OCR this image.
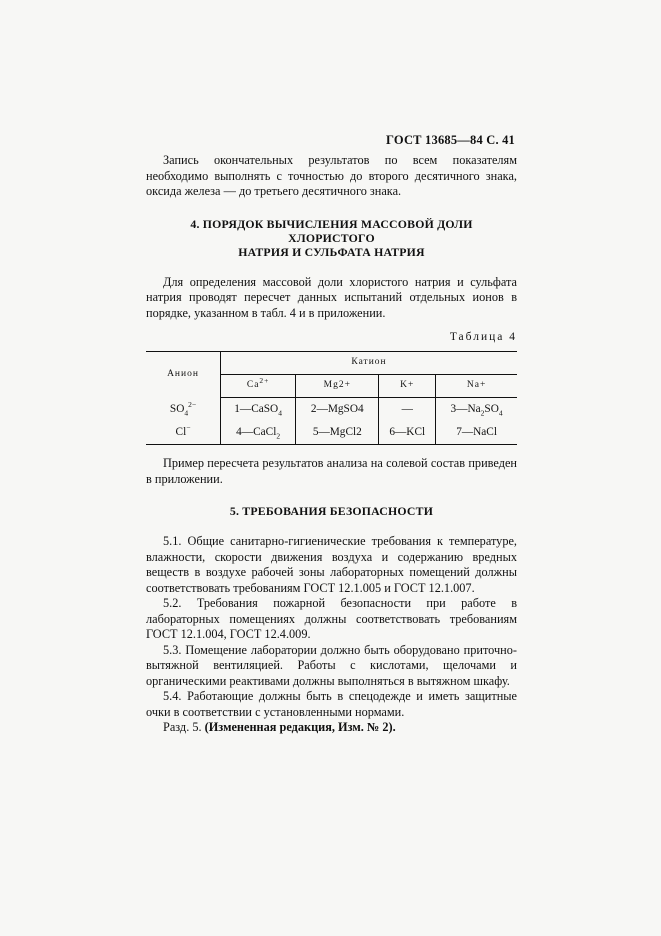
ГОСТ 13685—84 С. 41

Запись окончательных результатов по всем показателям необходимо выполнять с точностью до второго десятичного знака, оксида железа — до третьего десятичного знака.

4. ПОРЯДОК ВЫЧИСЛЕНИЯ МАССОВОЙ ДОЛИ ХЛОРИСТОГО
НАТРИЯ И СУЛЬФАТА НАТРИЯ

Для определения массовой доли хлористого натрия и сульфата натрия проводят пересчет данных испытаний отдельных ионов в порядке, указанном в табл. 4 и в приложении.

Таблица 4
Анион	Катион			
	$Ca^{2+}$	Mg2+	K+	Na+
$SO_4^{2-}$	1—CaSO$_4$	2—MgSO4	—	$3—Na_2SO_4$
Cl−	4—CaCl$_2$	5—MgCl2	6—KCl	7—NaCl

Пример пересчета результатов анализа на солевой состав приведен в приложении.

5. ТРЕБОВАНИЯ БЕЗОПАСНОСТИ

5.1. Общие санитарно-гигиенические требования к температуре, влажности, скорости движения воздуха и содержанию вредных веществ в воздухе рабочей зоны лабораторных помещений должны соответствовать требованиям ГОСТ 12.1.005 и ГОСТ 12.1.007.

5.2. Требования пожарной безопасности при работе в лабораторных помещениях должны соответствовать требованиям ГОСТ 12.1.004, ГОСТ 12.4.009.

5.3. Помещение лаборатории должно быть оборудовано приточно-вытяжной вентиляцией. Работы с кислотами, щелочами и органическими реактивами должны выполняться в вытяжном шкафу.

5.4. Работающие должны быть в спецодежде и иметь защитные очки в соответствии с установленными нормами.

Разд. 5. (Измененная редакция, Изм. № 2).
